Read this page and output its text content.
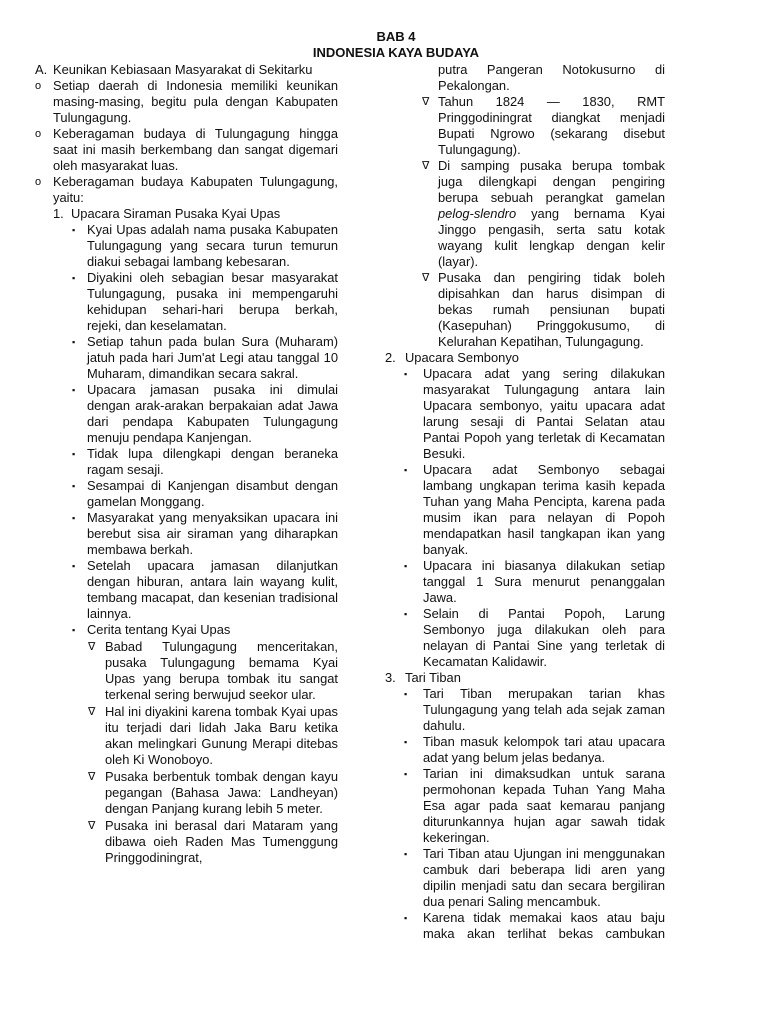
BAB 4
INDONESIA KAYA BUDAYA
A. Keunikan Kebiasaan Masyarakat di Sekitarku

o Setiap daerah di Indonesia memiliki keunikan masing-masing, begitu pula dengan Kabupaten Tulungagung.

o Keberagaman budaya di Tulungagung hingga saat ini masih berkembang dan sangat digemari oleh masyarakat luas.

o Keberagaman budaya Kabupaten Tulungagung, yaitu:

1. Upacara Siraman Pusaka Kyai Upas

▪ Kyai Upas adalah nama pusaka Kabupaten Tulungagung yang secara turun temurun diakui sebagai lambang kebesaran.

▪ Diyakini oleh sebagian besar masyarakat Tulungagung, pusaka ini mempengaruhi kehidupan sehari-hari berupa berkah, rejeki, dan keselamatan.

▪ Setiap tahun pada bulan Sura (Muharam) jatuh pada hari Jum'at Legi atau tanggal 10 Muharam, dimandikan secara sakral.

▪ Upacara jamasan pusaka ini dimulai dengan arak-arakan berpakaian adat Jawa dari pendapa Kabupaten Tulungagung menuju pendapa Kanjengan.

▪ Tidak lupa dilengkapi dengan beraneka ragam sesaji.

▪ Sesampai di Kanjengan disambut dengan gamelan Monggang.

▪ Masyarakat yang menyaksikan upacara ini berebut sisa air siraman yang diharapkan membawa berkah.

▪ Setelah upacara jamasan dilanjutkan dengan hiburan, antara lain wayang kulit, tembang macapat, dan kesenian tradisional lainnya.

▪ Cerita tentang Kyai Upas

∇ Babad Tulungagung menceritakan, pusaka Tulungagung bemama Kyai Upas yang berupa tombak itu sangat terkenal sering berwujud seekor ular.

∇ Hal ini diyakini karena tombak Kyai upas itu terjadi dari lidah Jaka Baru ketika akan melingkari Gunung Merapi ditebas oleh Ki Wonoboyo.

∇ Pusaka berbentuk tombak dengan kayu pegangan (Bahasa Jawa: Landheyan) dengan Panjang kurang lebih 5 meter.

∇ Pusaka ini berasal dari Mataram yang dibawa oieh Raden Mas Tumenggung Pringgodiningrat,

putra Pangeran Notokusurno di Pekalongan.

∇ Tahun 1824 — 1830, RMT Pringgodiningrat diangkat menjadi Bupati Ngrowo (sekarang disebut Tulungagung).

∇ Di samping pusaka berupa tombak juga dilengkapi dengan pengiring berupa sebuah perangkat gamelan pelog-slendro yang bernama Kyai Jinggo pengasih, serta satu kotak wayang kulit lengkap dengan kelir (layar).

∇ Pusaka dan pengiring tidak boleh dipisahkan dan harus disimpan di bekas rumah pensiunan bupati (Kasepuhan) Pringgokusumo, di Kelurahan Kepatihan, Tulungagung.

2. Upacara Sembonyo

▪ Upacara adat yang sering dilakukan masyarakat Tulungagung antara lain Upacara sembonyo, yaitu upacara adat larung sesaji di Pantai Selatan atau Pantai Popoh yang terletak di Kecamatan Besuki.

▪ Upacara adat Sembonyo sebagai lambang ungkapan terima kasih kepada Tuhan yang Maha Pencipta, karena pada musim ikan para nelayan di Popoh mendapatkan hasil tangkapan ikan yang banyak.

▪ Upacara ini biasanya dilakukan setiap tanggal 1 Sura menurut penanggalan Jawa.

▪ Selain di Pantai Popoh, Larung Sembonyo juga dilakukan oleh para nelayan di Pantai Sine yang terletak di Kecamatan Kalidawir.

3. Tari Tiban

▪ Tari Tiban merupakan tarian khas Tulungagung yang telah ada sejak zaman dahulu.

▪ Tiban masuk kelompok tari atau upacara adat yang belum jelas bedanya.

▪ Tarian ini dimaksudkan untuk sarana permohonan kepada Tuhan Yang Maha Esa agar pada saat kemarau panjang diturunkannya hujan agar sawah tidak kekeringan.

▪ Tari Tiban atau Ujungan ini menggunakan cambuk dari beberapa lidi aren yang dipilin menjadi satu dan secara bergiliran dua penari Saling mencambuk.

▪ Karena tidak memakai kaos atau baju maka akan terlihat bekas cambukan
